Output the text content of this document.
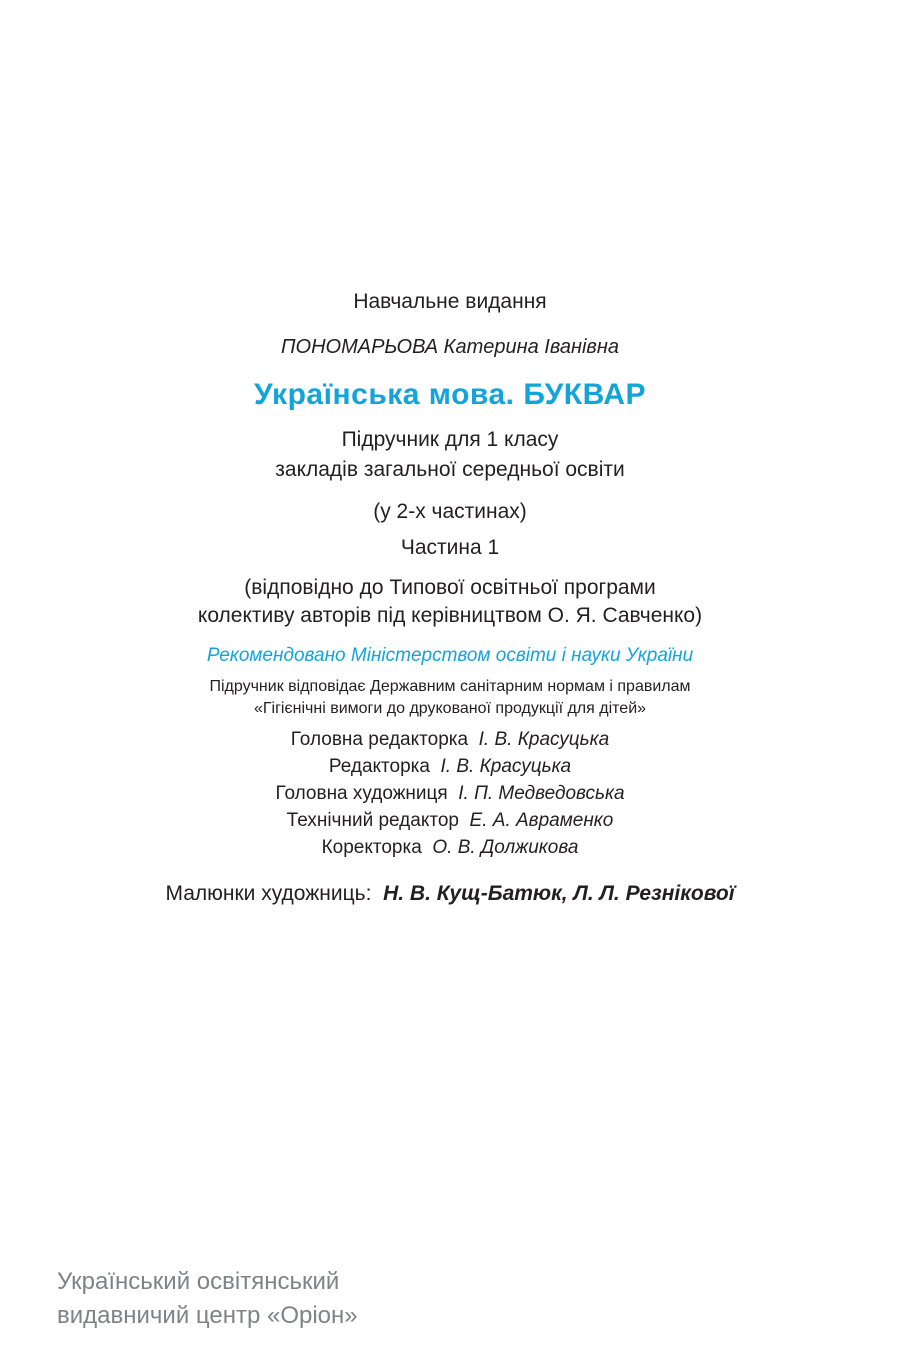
Навчальне видання
ПОНОМАРЬОВА Катерина Іванівна
Українська мова. БУКВАР
Підручник для 1 класу
закладів загальної середньої освіти
(у 2-х частинах)
Частина 1
(відповідно до Типової освітньої програми
колективу авторів під керівництвом О. Я. Савченко)
Рекомендовано Міністерством освіти і науки України
Підручник відповідає Державним санітарним нормам і правилам
«Гігієнічні вимоги до друкованої продукції для дітей»
Головна редакторка І. В. Красуцька
Редакторка І. В. Красуцька
Головна художниця І. П. Медведовська
Технічний редактор Е. А. Авраменко
Коректорка О. В. Должикова
Малюнки художниць: Н. В. Кущ-Батюк, Л. Л. Резнікової
Український освітянський
видавничий центр «Оріон»
